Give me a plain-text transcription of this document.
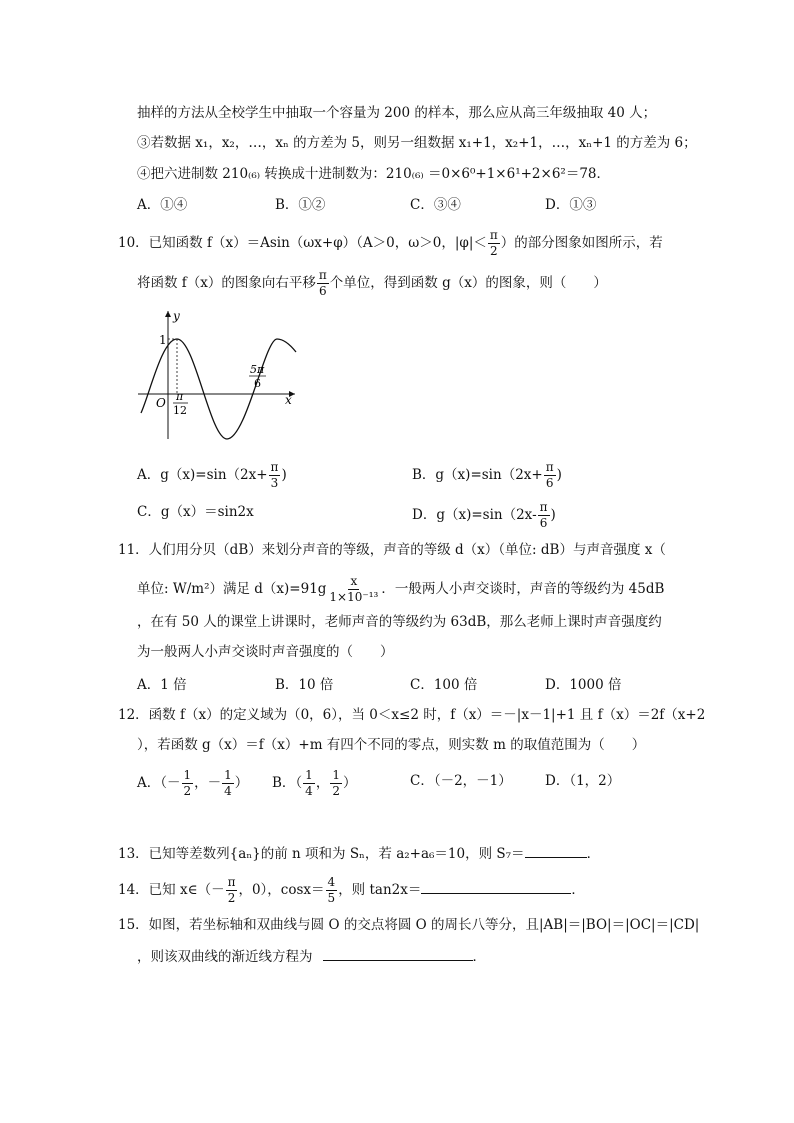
抽样的方法从全校学生中抽取一个容量为 200 的样本，那么应从高三年级抽取 40 人；
③若数据 x₁，x₂，…，xₙ 的方差为 5，则另一组数据 x₁+1，x₂+1，…，xₙ+1 的方差为 6；
④把六进制数 210₍₆₎ 转换成十进制数为：210₍₆₎ ＝0×6⁰+1×6¹+2×6²＝78．
A．①④	B．①②	C．③④	D．①③
10．已知函数 f（x）＝Asin（ωx+φ）（A＞0，ω＞0，$|\varphi|< \frac{\pi}{2}$ ）的部分图象如图所示，若
将函数 f（x）的图象向右平移 $\frac{\pi}{6}$ 个单位，得到函数 g（x）的图象，则（　　）
y
x
O
1
π
12
5π
6
A．$g(x)=\sin(2x+ \frac{\pi}{3}$ )	B．$g(x)=\sin(2x+ \frac{\pi}{6}$ )
C．g（x）＝sin2x	D．$g(x)=\sin(2x- \frac{\pi}{6}$ )
11．人们用分贝（dB）来划分声音的等级，声音的等级 d（x）（单位: dB）与声音强度 x（
单位: W/m²）满足 $d(x)=91g \frac{x}{\text{1×10⁻¹³}}$ ．一般两人小声交谈时，声音的等级约为 45dB
，在有 50 人的课堂上讲课时，老师声音的等级约为 63dB，那么老师上课时声音强度约
为一般两人小声交谈时声音强度的（　　）
A．1 倍	B．10 倍	C．100 倍	D．1000 倍
12．函数 f（x）的定义域为（0，6），当 0＜x≤2 时，f（x）＝－|x－1|+1 且 f（x）＝2f（x+2
），若函数 g（x）＝f（x）+m 有四个不同的零点，则实数 m 的取值范围为（　　）
A．（－ $\frac{1}{2}$ ，－ $\frac{1}{4}$ ） B．（ $\frac{1}{4}$ ， $\frac{1}{2}$ ）	C．（－2，－1） D．（1，2）
13．已知等差数列{aₙ}的前 n 项和为 Sₙ，若 a₂+a₆＝10，则 S₇＝	．
14．已知 x∈（－ $\frac{\pi}{2}$ ，0），$\cos x= \frac{4}{5}$ ，则 tan2x＝	．
15．如图，若坐标轴和双曲线与圆 O 的交点将圆 O 的周长八等分，且|AB|＝|BO|＝|OC|＝|CD|
，则该双曲线的渐近线方程为	．
